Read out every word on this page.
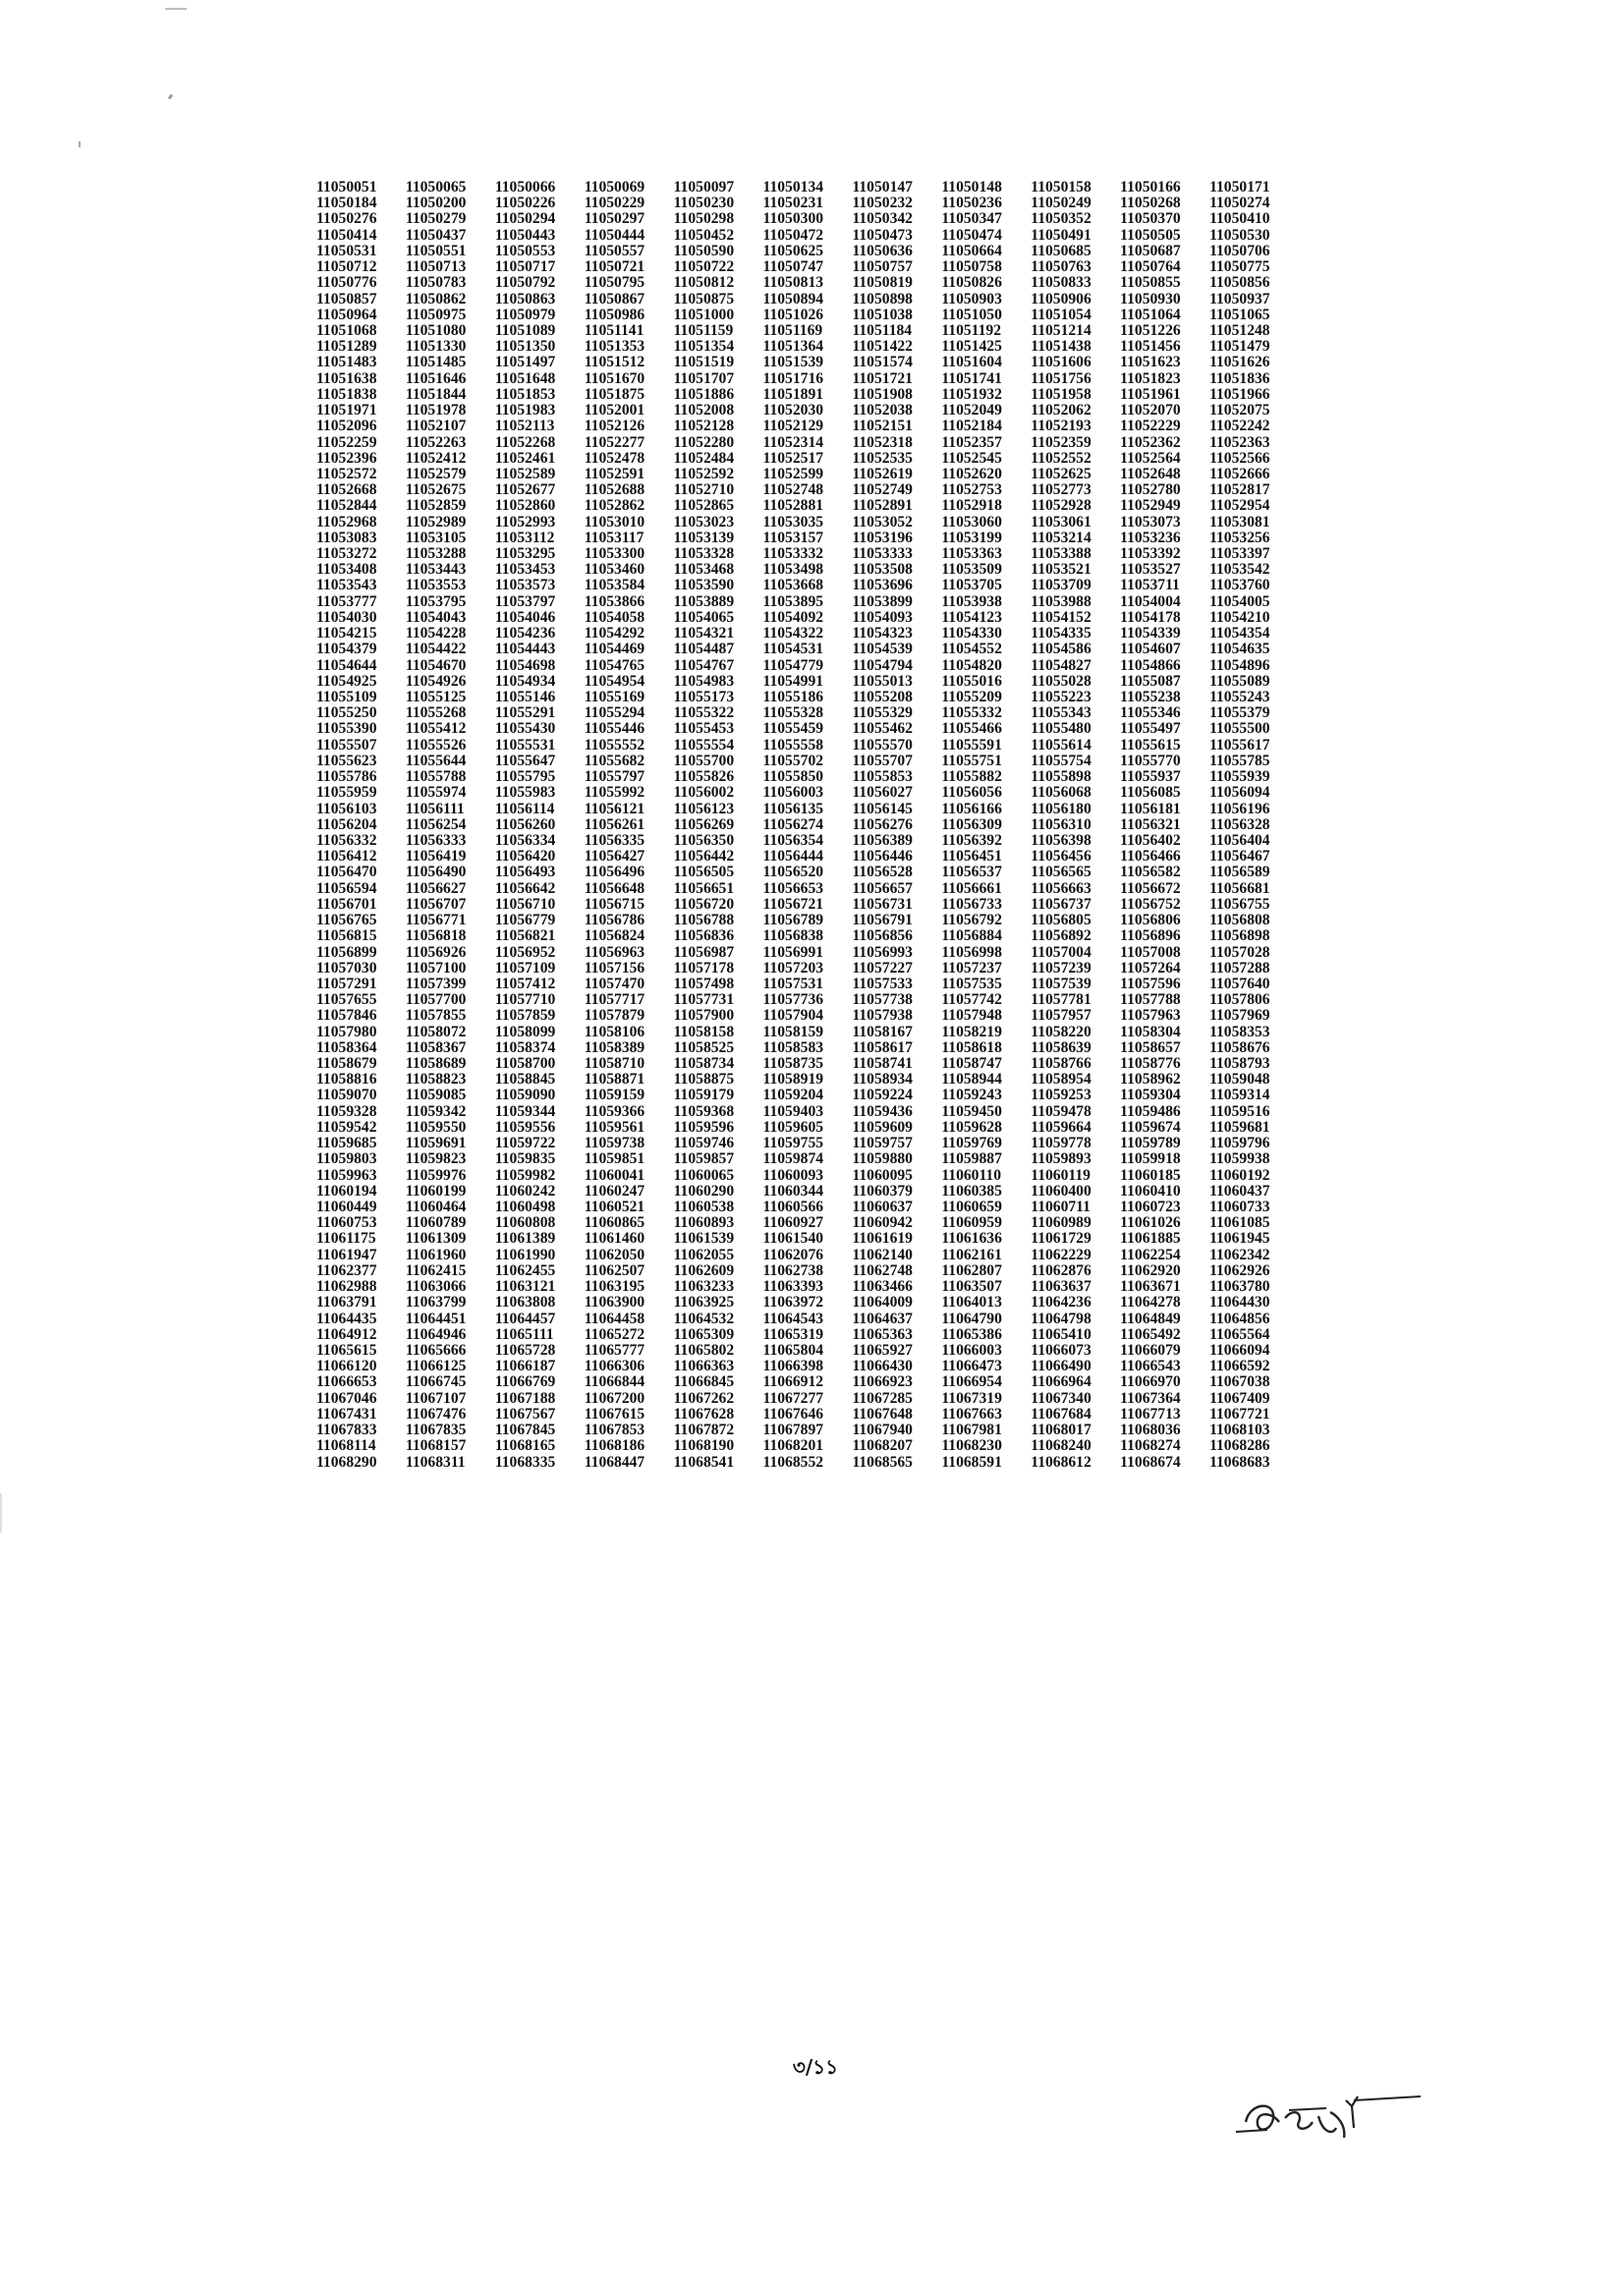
11050051	11050065	11050066	11050069	11050097	11050134	11050147	11050148	11050158	11050166	11050171
11050184	11050200	11050226	11050229	11050230	11050231	11050232	11050236	11050249	11050268	11050274
11050276	11050279	11050294	11050297	11050298	11050300	11050342	11050347	11050352	11050370	11050410
11050414	11050437	11050443	11050444	11050452	11050472	11050473	11050474	11050491	11050505	11050530
11050531	11050551	11050553	11050557	11050590	11050625	11050636	11050664	11050685	11050687	11050706
11050712	11050713	11050717	11050721	11050722	11050747	11050757	11050758	11050763	11050764	11050775
11050776	11050783	11050792	11050795	11050812	11050813	11050819	11050826	11050833	11050855	11050856
11050857	11050862	11050863	11050867	11050875	11050894	11050898	11050903	11050906	11050930	11050937
11050964	11050975	11050979	11050986	11051000	11051026	11051038	11051050	11051054	11051064	11051065
11051068	11051080	11051089	11051141	11051159	11051169	11051184	11051192	11051214	11051226	11051248
11051289	11051330	11051350	11051353	11051354	11051364	11051422	11051425	11051438	11051456	11051479
11051483	11051485	11051497	11051512	11051519	11051539	11051574	11051604	11051606	11051623	11051626
11051638	11051646	11051648	11051670	11051707	11051716	11051721	11051741	11051756	11051823	11051836
11051838	11051844	11051853	11051875	11051886	11051891	11051908	11051932	11051958	11051961	11051966
11051971	11051978	11051983	11052001	11052008	11052030	11052038	11052049	11052062	11052070	11052075
11052096	11052107	11052113	11052126	11052128	11052129	11052151	11052184	11052193	11052229	11052242
11052259	11052263	11052268	11052277	11052280	11052314	11052318	11052357	11052359	11052362	11052363
11052396	11052412	11052461	11052478	11052484	11052517	11052535	11052545	11052552	11052564	11052566
11052572	11052579	11052589	11052591	11052592	11052599	11052619	11052620	11052625	11052648	11052666
11052668	11052675	11052677	11052688	11052710	11052748	11052749	11052753	11052773	11052780	11052817
11052844	11052859	11052860	11052862	11052865	11052881	11052891	11052918	11052928	11052949	11052954
11052968	11052989	11052993	11053010	11053023	11053035	11053052	11053060	11053061	11053073	11053081
11053083	11053105	11053112	11053117	11053139	11053157	11053196	11053199	11053214	11053236	11053256
11053272	11053288	11053295	11053300	11053328	11053332	11053333	11053363	11053388	11053392	11053397
11053408	11053443	11053453	11053460	11053468	11053498	11053508	11053509	11053521	11053527	11053542
11053543	11053553	11053573	11053584	11053590	11053668	11053696	11053705	11053709	11053711	11053760
11053777	11053795	11053797	11053866	11053889	11053895	11053899	11053938	11053988	11054004	11054005
11054030	11054043	11054046	11054058	11054065	11054092	11054093	11054123	11054152	11054178	11054210
11054215	11054228	11054236	11054292	11054321	11054322	11054323	11054330	11054335	11054339	11054354
11054379	11054422	11054443	11054469	11054487	11054531	11054539	11054552	11054586	11054607	11054635
11054644	11054670	11054698	11054765	11054767	11054779	11054794	11054820	11054827	11054866	11054896
11054925	11054926	11054934	11054954	11054983	11054991	11055013	11055016	11055028	11055087	11055089
11055109	11055125	11055146	11055169	11055173	11055186	11055208	11055209	11055223	11055238	11055243
11055250	11055268	11055291	11055294	11055322	11055328	11055329	11055332	11055343	11055346	11055379
11055390	11055412	11055430	11055446	11055453	11055459	11055462	11055466	11055480	11055497	11055500
11055507	11055526	11055531	11055552	11055554	11055558	11055570	11055591	11055614	11055615	11055617
11055623	11055644	11055647	11055682	11055700	11055702	11055707	11055751	11055754	11055770	11055785
11055786	11055788	11055795	11055797	11055826	11055850	11055853	11055882	11055898	11055937	11055939
11055959	11055974	11055983	11055992	11056002	11056003	11056027	11056056	11056068	11056085	11056094
11056103	11056111	11056114	11056121	11056123	11056135	11056145	11056166	11056180	11056181	11056196
11056204	11056254	11056260	11056261	11056269	11056274	11056276	11056309	11056310	11056321	11056328
11056332	11056333	11056334	11056335	11056350	11056354	11056389	11056392	11056398	11056402	11056404
11056412	11056419	11056420	11056427	11056442	11056444	11056446	11056451	11056456	11056466	11056467
11056470	11056490	11056493	11056496	11056505	11056520	11056528	11056537	11056565	11056582	11056589
11056594	11056627	11056642	11056648	11056651	11056653	11056657	11056661	11056663	11056672	11056681
11056701	11056707	11056710	11056715	11056720	11056721	11056731	11056733	11056737	11056752	11056755
11056765	11056771	11056779	11056786	11056788	11056789	11056791	11056792	11056805	11056806	11056808
11056815	11056818	11056821	11056824	11056836	11056838	11056856	11056884	11056892	11056896	11056898
11056899	11056926	11056952	11056963	11056987	11056991	11056993	11056998	11057004	11057008	11057028
11057030	11057100	11057109	11057156	11057178	11057203	11057227	11057237	11057239	11057264	11057288
11057291	11057399	11057412	11057470	11057498	11057531	11057533	11057535	11057539	11057596	11057640
11057655	11057700	11057710	11057717	11057731	11057736	11057738	11057742	11057781	11057788	11057806
11057846	11057855	11057859	11057879	11057900	11057904	11057938	11057948	11057957	11057963	11057969
11057980	11058072	11058099	11058106	11058158	11058159	11058167	11058219	11058220	11058304	11058353
11058364	11058367	11058374	11058389	11058525	11058583	11058617	11058618	11058639	11058657	11058676
11058679	11058689	11058700	11058710	11058734	11058735	11058741	11058747	11058766	11058776	11058793
11058816	11058823	11058845	11058871	11058875	11058919	11058934	11058944	11058954	11058962	11059048
11059070	11059085	11059090	11059159	11059179	11059204	11059224	11059243	11059253	11059304	11059314
11059328	11059342	11059344	11059366	11059368	11059403	11059436	11059450	11059478	11059486	11059516
11059542	11059550	11059556	11059561	11059596	11059605	11059609	11059628	11059664	11059674	11059681
11059685	11059691	11059722	11059738	11059746	11059755	11059757	11059769	11059778	11059789	11059796
11059803	11059823	11059835	11059851	11059857	11059874	11059880	11059887	11059893	11059918	11059938
11059963	11059976	11059982	11060041	11060065	11060093	11060095	11060110	11060119	11060185	11060192
11060194	11060199	11060242	11060247	11060290	11060344	11060379	11060385	11060400	11060410	11060437
11060449	11060464	11060498	11060521	11060538	11060566	11060637	11060659	11060711	11060723	11060733
11060753	11060789	11060808	11060865	11060893	11060927	11060942	11060959	11060989	11061026	11061085
11061175	11061309	11061389	11061460	11061539	11061540	11061619	11061636	11061729	11061885	11061945
11061947	11061960	11061990	11062050	11062055	11062076	11062140	11062161	11062229	11062254	11062342
11062377	11062415	11062455	11062507	11062609	11062738	11062748	11062807	11062876	11062920	11062926
11062988	11063066	11063121	11063195	11063233	11063393	11063466	11063507	11063637	11063671	11063780
11063791	11063799	11063808	11063900	11063925	11063972	11064009	11064013	11064236	11064278	11064430
11064435	11064451	11064457	11064458	11064532	11064543	11064637	11064790	11064798	11064849	11064856
11064912	11064946	11065111	11065272	11065309	11065319	11065363	11065386	11065410	11065492	11065564
11065615	11065666	11065728	11065777	11065802	11065804	11065927	11066003	11066073	11066079	11066094
11066120	11066125	11066187	11066306	11066363	11066398	11066430	11066473	11066490	11066543	11066592
11066653	11066745	11066769	11066844	11066845	11066912	11066923	11066954	11066964	11066970	11067038
11067046	11067107	11067188	11067200	11067262	11067277	11067285	11067319	11067340	11067364	11067409
11067431	11067476	11067567	11067615	11067628	11067646	11067648	11067663	11067684	11067713	11067721
11067833	11067835	11067845	11067853	11067872	11067897	11067940	11067981	11068017	11068036	11068103
11068114	11068157	11068165	11068186	11068190	11068201	11068207	11068230	11068240	11068274	11068286
11068290	11068311	11068335	11068447	11068541	11068552	11068565	11068591	11068612	11068674	11068683
৩/১১
